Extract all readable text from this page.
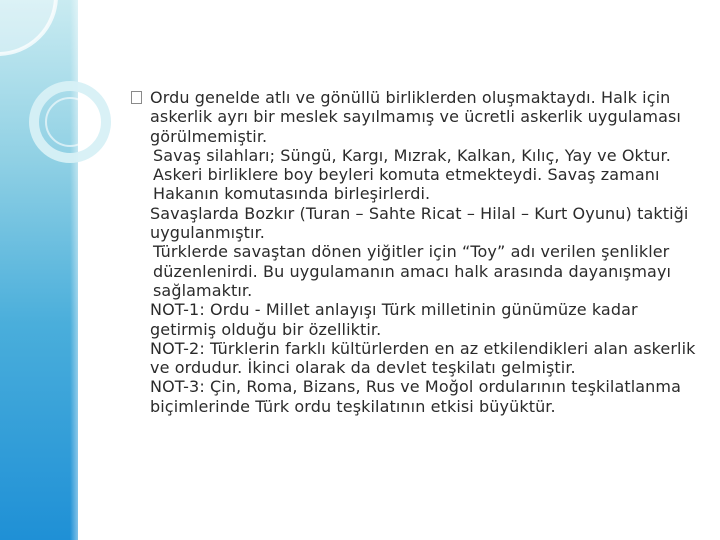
Ordu genelde atlı ve gönüllü birliklerden oluşmaktaydı. Halk için askerlik ayrı bir meslek sayılmamış ve ücretli askerlik uygulaması görülmemiştir.
Savaş silahları; Süngü, Kargı, Mızrak, Kalkan, Kılıç, Yay ve Oktur.
Askeri birliklere boy beyleri komuta etmekteydi. Savaş zamanı Hakanın komutasında birleşirlerdi.
Savaşlarda Bozkır (Turan – Sahte Ricat – Hilal – Kurt Oyunu) taktiği uygulanmıştır.
Türklerde savaştan dönen yiğitler için “Toy” adı verilen şenlikler düzenlenirdi. Bu uygulamanın amacı halk arasında dayanışmayı sağlamaktır.
NOT-1: Ordu - Millet anlayışı Türk milletinin günümüze kadar getirmiş olduğu bir özelliktir.
NOT-2: Türklerin farklı kültürlerden en az etkilendikleri alan askerlik ve ordudur. İkinci olarak da devlet teşkilatı gelmiştir.
NOT-3: Çin, Roma, Bizans, Rus ve Moğol ordularının teşkilatlanma biçimlerinde Türk ordu teşkilatının etkisi büyüktür.
